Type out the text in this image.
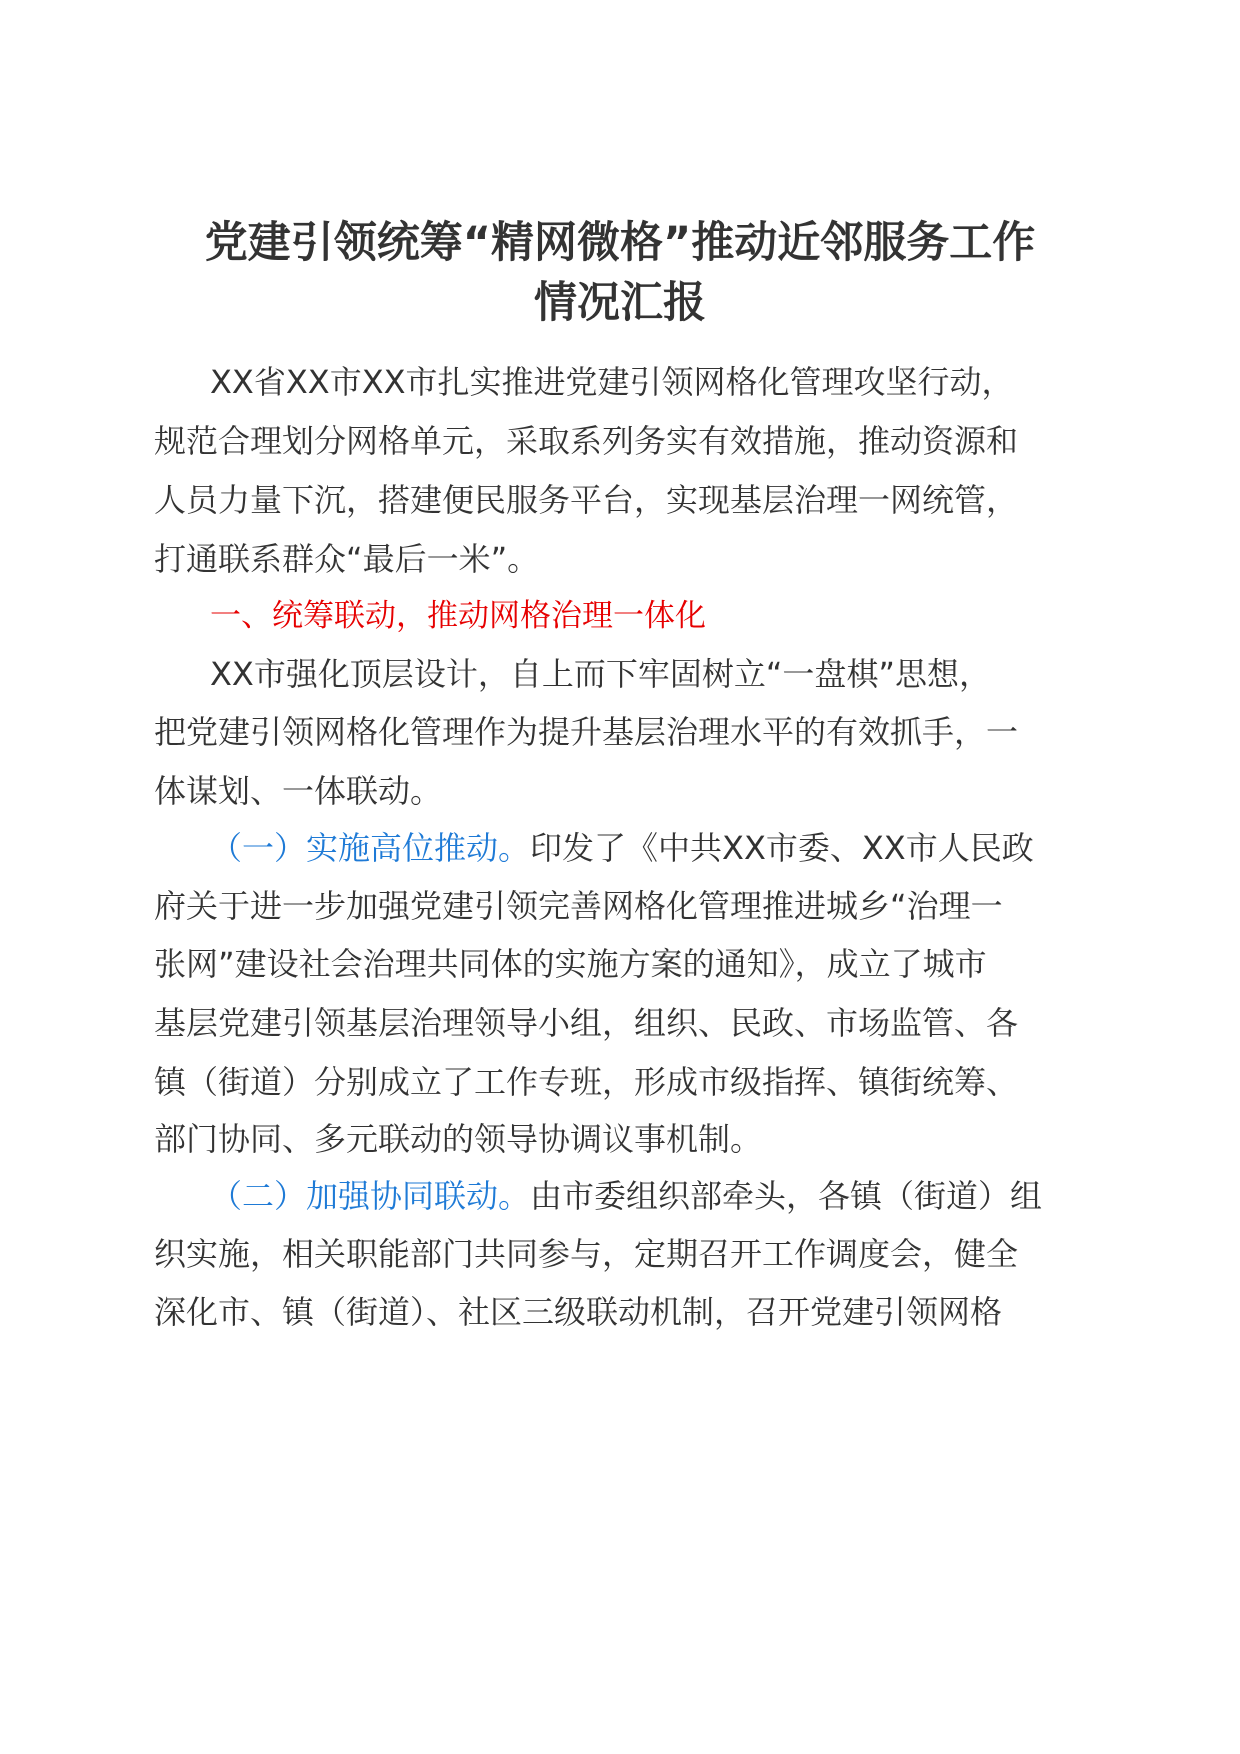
党建引领统筹“精网微格”推动近邻服务工作
情况汇报
XX省XX市XX市扎实推进党建引领网格化管理攻坚行动，
规范合理划分网格单元，采取系列务实有效措施，推动资源和
人员力量下沉，搭建便民服务平台，实现基层治理一网统管，
打通联系群众“最后一米”。
一、统筹联动，推动网格治理一体化
XX市强化顶层设计，自上而下牢固树立“一盘棋”思想，
把党建引领网格化管理作为提升基层治理水平的有效抓手，一
体谋划、一体联动。
（一）实施高位推动。印发了《中共XX市委、XX市人民政
府关于进一步加强党建引领完善网格化管理推进城乡“治理一
张网”建设社会治理共同体的实施方案的通知》，成立了城市
基层党建引领基层治理领导小组，组织、民政、市场监管、各
镇（街道）分别成立了工作专班，形成市级指挥、镇街统筹、
部门协同、多元联动的领导协调议事机制。
（二）加强协同联动。由市委组织部牵头，各镇（街道）组
织实施，相关职能部门共同参与，定期召开工作调度会，健全
深化市、镇（街道）、社区三级联动机制，召开党建引领网格
